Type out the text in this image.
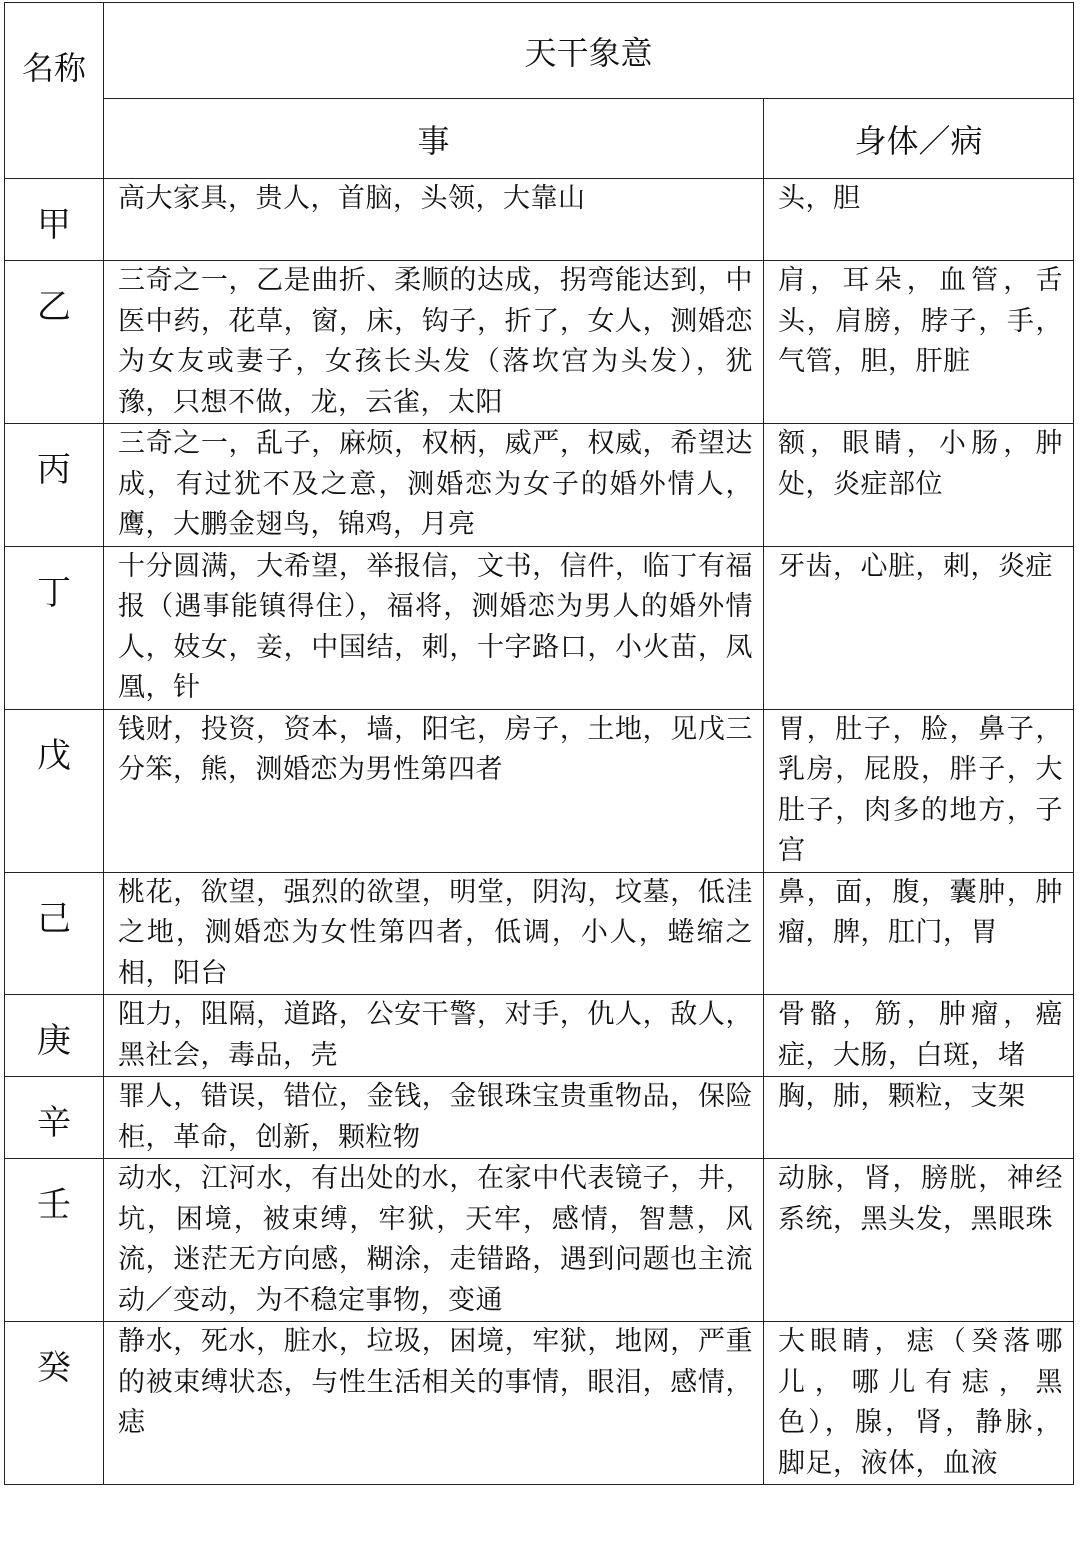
名称	天干象意	
	事	身体／病
甲	高大家具，贵人，首脑，头领，大靠山	头，胆
乙	三奇之一，乙是曲折、柔顺的达成，拐弯能达到，中医中药，花草，窗，床，钩子，折了，女人，测婚恋为女友或妻子，女孩长头发（落坎宫为头发），犹豫，只想不做，龙，云雀，太阳	肩，耳朵，血管，舌头，肩膀，脖子，手，气管，胆，肝脏
丙	三奇之一，乱子，麻烦，权柄，威严，权威，希望达成，有过犹不及之意，测婚恋为女子的婚外情人，鹰，大鹏金翅鸟，锦鸡，月亮	额，眼睛，小肠，肿处，炎症部位
丁	十分圆满，大希望，举报信，文书，信件，临丁有福报（遇事能镇得住），福将，测婚恋为男人的婚外情人，妓女，妾，中国结，刺，十字路口，小火苗，凤凰，针	牙齿，心脏，刺，炎症
戊	钱财，投资，资本，墙，阳宅，房子，土地，见戊三分笨，熊，测婚恋为男性第四者	胃，肚子，脸，鼻子，乳房，屁股，胖子，大肚子，肉多的地方，子宫
己	桃花，欲望，强烈的欲望，明堂，阴沟，坟墓，低洼之地，测婚恋为女性第四者，低调，小人，蜷缩之相，阳台	鼻，面，腹，囊肿，肿瘤，脾，肛门，胃
庚	阻力，阻隔，道路，公安干警，对手，仇人，敌人，黑社会，毒品，壳	骨骼，筋，肿瘤，癌症，大肠，白斑，堵
辛	罪人，错误，错位，金钱，金银珠宝贵重物品，保险柜，革命，创新，颗粒物	胸，肺，颗粒，支架
壬	动水，江河水，有出处的水，在家中代表镜子，井，坑，困境，被束缚，牢狱，天牢，感情，智慧，风流，迷茫无方向感，糊涂，走错路，遇到问题也主流动／变动，为不稳定事物，变通	动脉，肾，膀胱，神经系统，黑头发，黑眼珠
癸	静水，死水，脏水，垃圾，困境，牢狱，地网，严重的被束缚状态，与性生活相关的事情，眼泪，感情，痣	大眼睛，痣（癸落哪儿，哪儿有痣，黑色），腺，肾，静脉，脚足，液体，血液
